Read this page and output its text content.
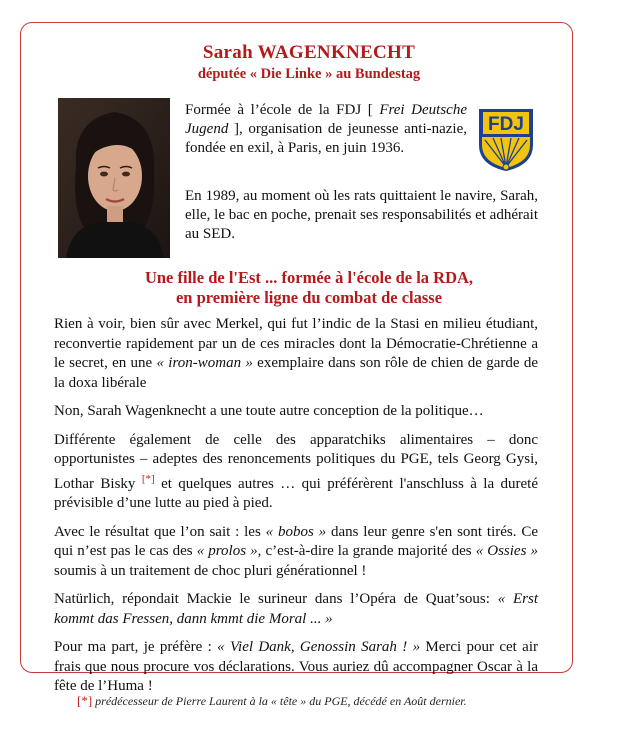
Sarah WAGENKNECHT
députée « Die Linke » au Bundestag
Formée à l’école de la FDJ [ Frei Deutsche Jugend ], organisation de jeunesse anti-nazie, fondée en exil, à Paris, en juin 1936.
En 1989, au moment où les rats quittaient le navire, Sarah, elle, le bac en poche, prenait ses responsabilités et adhérait au SED.
FDJ
Une fille de l'Est ... formée à l'école de la RDA,
en première ligne du combat de classe

Rien à voir, bien sûr avec Merkel, qui fut l’indic de la Stasi en milieu étudiant, reconvertie rapidement par un de ces miracles dont la Démocratie-Chrétienne a le secret, en une « iron-woman » exemplaire dans son rôle de chien de garde de la doxa libérale

Non, Sarah Wagenknecht a une toute autre conception de la politique…

Différente également de celle des apparatchiks alimentaires – donc opportunistes – adeptes des renoncements politiques du PGE, tels Georg Gysi, Lothar Bisky [*] et quelques autres … qui préférèrent l'anschluss à la dureté prévisible d’une lutte au pied à pied.

Avec le résultat que l’on sait : les « bobos » dans leur genre s'en sont tirés. Ce qui n’est pas le cas des « prolos », c’est-à-dire la grande majorité des « Ossies » soumis à un traitement de choc pluri générationnel !

Natürlich, répondait Mackie le surineur dans l’Opéra de Quat’sous: « Erst kommt das Fressen, dann kmmt die Moral ... »

Pour ma part, je préfère : « Viel Dank, Genossin Sarah ! » Merci pour cet air frais que nous procure vos déclarations. Vous auriez dû accompagner Oscar à la fête de l’Huma !

[*] prédécesseur de Pierre Laurent à la « tête » du PGE, décédé en Août dernier.
